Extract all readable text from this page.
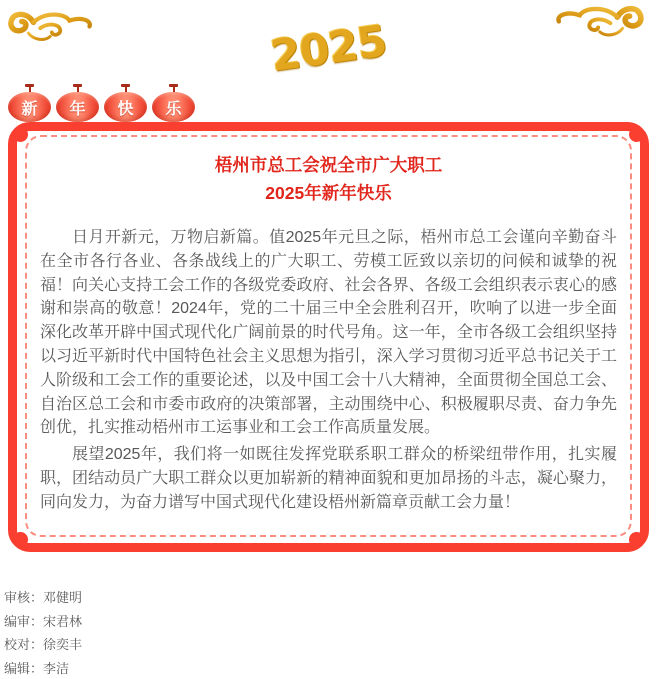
2025
新	年	快	乐
梧州市总工会祝全市广大职工
2025年新年快乐

日月开新元，万物启新篇。值2025年元旦之际，梧州市总工会谨向辛勤奋斗在全市各行各业、各条战线上的广大职工、劳模工匠致以亲切的问候和诚挚的祝福！向关心支持工会工作的各级党委政府、社会各界、各级工会组织表示衷心的感谢和崇高的敬意！2024年，党的二十届三中全会胜利召开，吹响了以进一步全面深化改革开辟中国式现代化广阔前景的时代号角。这一年，全市各级工会组织坚持以习近平新时代中国特色社会主义思想为指引，深入学习贯彻习近平总书记关于工人阶级和工会工作的重要论述，以及中国工会十八大精神，全面贯彻全国总工会、自治区总工会和市委市政府的决策部署，主动围绕中心、积极履职尽责、奋力争先创优，扎实推动梧州市工运事业和工会工作高质量发展。

展望2025年，我们将一如既往发挥党联系职工群众的桥梁纽带作用，扎实履职，团结动员广大职工群众以更加崭新的精神面貌和更加昂扬的斗志，凝心聚力，同向发力，为奋力谱写中国式现代化建设梧州新篇章贡献工会力量！

审核：邓健明
编审：宋君林
校对：徐奕丰
编辑：李洁
